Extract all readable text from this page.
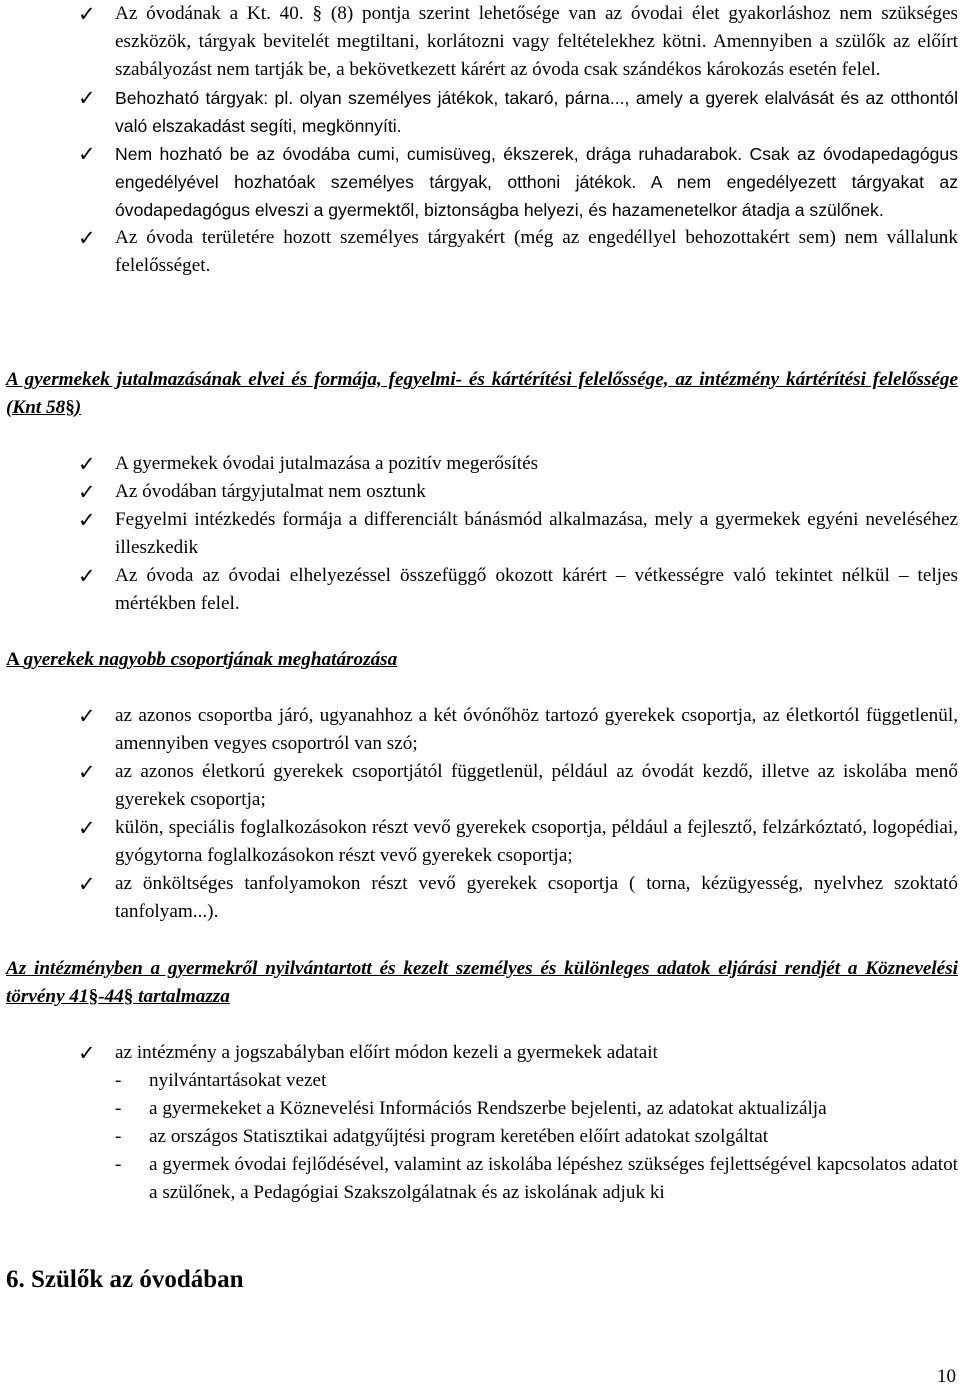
✓	Az óvodának a Kt. 40. § (8) pontja szerint lehetősége van az óvodai élet gyakorláshoz nem szükséges eszközök, tárgyak bevitelét megtiltani, korlátozni vagy feltételekhez kötni. Amennyiben a szülők az előírt szabályozást nem tartják be, a bekövetkezett kárért az óvoda csak szándékos károkozás esetén felel.
✓	Behozható tárgyak: pl. olyan személyes játékok, takaró, párna..., amely a gyerek elalvását és az otthontól való elszakadást segíti, megkönnyíti.
✓	Nem hozható be az óvodába cumi, cumisüveg, ékszerek, drága ruhadarabok. Csak az óvodapedagógus engedélyével hozhatóak személyes tárgyak, otthoni játékok. A nem engedélyezett tárgyakat az óvodapedagógus elveszi a gyermektől, biztonságba helyezi, és hazamenetelkor átadja a szülőnek.
✓	Az óvoda területére hozott személyes tárgyakért (még az engedéllyel behozottakért sem) nem vállalunk felelősséget.

A gyermekek jutalmazásának elvei és formája, fegyelmi- és kártérítési felelőssége, az intézmény kártérítési felelőssége (Knt 58§)

✓	A gyermekek óvodai jutalmazása a pozitív megerősítés
✓	Az óvodában tárgyjutalmat nem osztunk
✓	Fegyelmi intézkedés formája a differenciált bánásmód alkalmazása, mely a gyermekek egyéni neveléséhez illeszkedik
✓	Az óvoda az óvodai elhelyezéssel összefüggő okozott kárért – vétkességre való tekintet nélkül – teljes mértékben felel.

A gyerekek nagyobb csoportjának meghatározása

✓	az azonos csoportba járó, ugyanahhoz a két óvónőhöz tartozó gyerekek csoportja, az életkortól függetlenül, amennyiben vegyes csoportról van szó;
✓	az azonos életkorú gyerekek csoportjától függetlenül, például az óvodát kezdő, illetve az iskolába menő gyerekek csoportja;
✓	külön, speciális foglalkozásokon részt vevő gyerekek csoportja, például a fejlesztő, felzárkóztató, logopédiai, gyógytorna foglalkozásokon részt vevő gyerekek csoportja;
✓	az önköltséges tanfolyamokon részt vevő gyerekek csoportja ( torna, kézügyesség, nyelvhez szoktató tanfolyam...).

Az intézményben a gyermekről nyilvántartott és kezelt személyes és különleges adatok eljárási rendjét a Köznevelési törvény 41§-44§ tartalmazza

✓	az intézmény a jogszabályban előírt módon kezeli a gyermekek adatait
- nyilvántartásokat vezet
- a gyermekeket a Köznevelési Információs Rendszerbe bejelenti, az adatokat aktualizálja
- az országos Statisztikai adatgyűjtési program keretében előírt adatokat szolgáltat
- a gyermek óvodai fejlődésével, valamint az iskolába lépéshez szükséges fejlettségével kapcsolatos adatot a szülőnek, a Pedagógiai Szakszolgálatnak és az iskolának adjuk ki

6. Szülők az óvodában

10
